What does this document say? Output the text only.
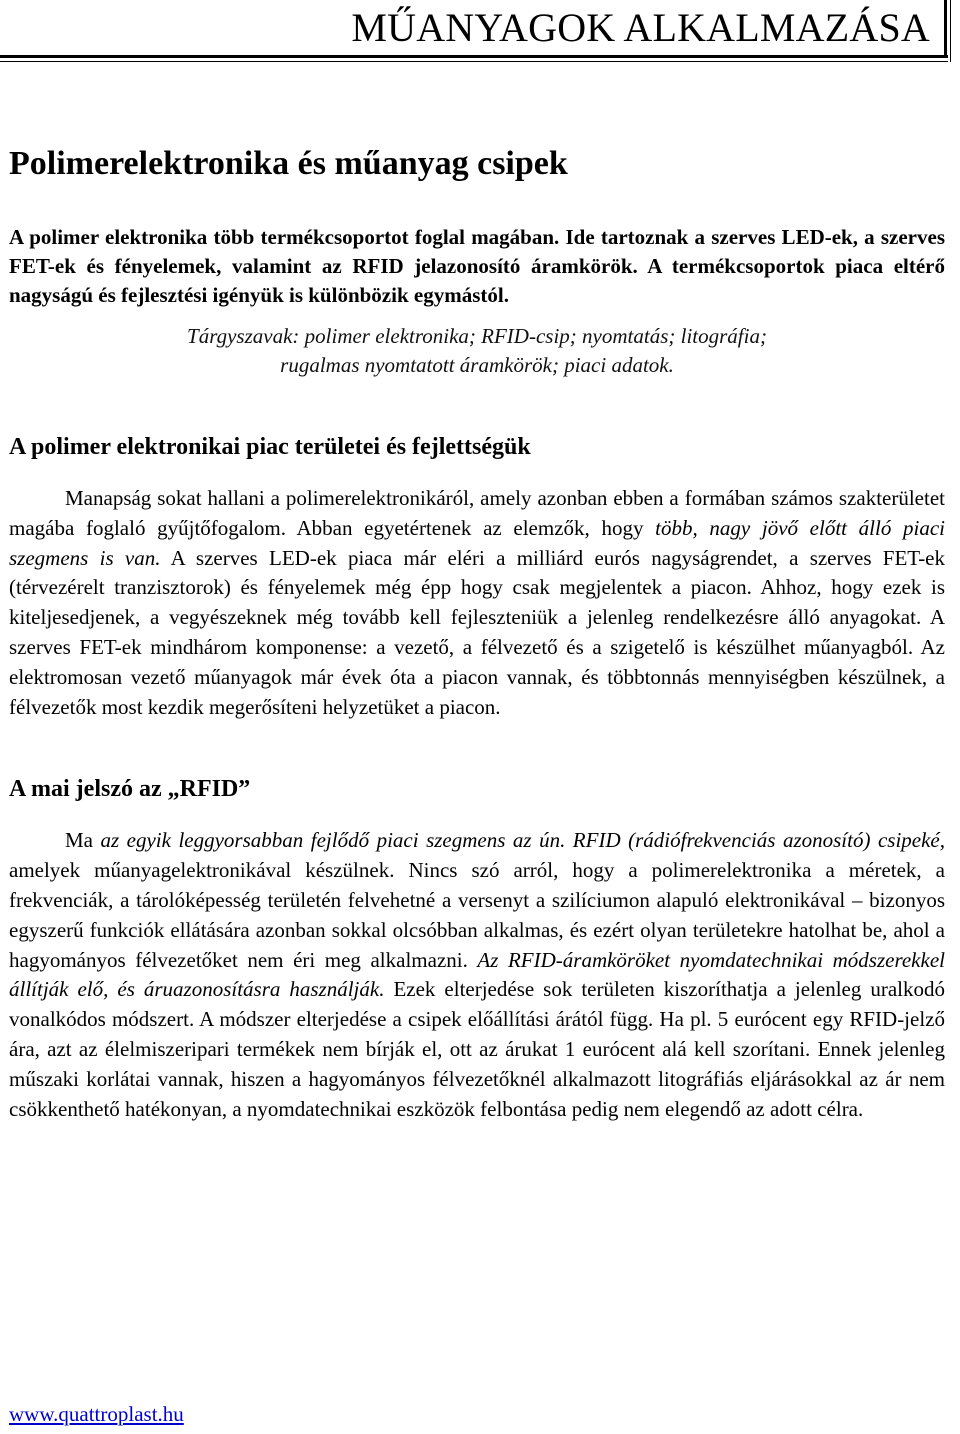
MŰANYAGOK ALKALMAZÁSA
Polimerelektronika és műanyag csipek

A polimer elektronika több termékcsoportot foglal magában. Ide tartoznak a szerves LED-ek, a szerves FET-ek és fényelemek, valamint az RFID jelazonosító áramkörök. A termékcsoportok piaca eltérő nagyságú és fejlesztési igényük is különbözik egymástól.

Tárgyszavak: polimer elektronika; RFID-csip; nyomtatás; litográfia;
rugalmas nyomtatott áramkörök; piaci adatok.

A polimer elektronikai piac területei és fejlettségük

Manapság sokat hallani a polimerelektronikáról, amely azonban ebben a formában számos szakterületet magába foglaló gyűjtőfogalom. Abban egyetértenek az elemzők, hogy több, nagy jövő előtt álló piaci szegmens is van. A szerves LED-ek piaca már eléri a milliárd eurós nagyságrendet, a szerves FET-ek (térvezérelt tranzisztorok) és fényelemek még épp hogy csak megjelentek a piacon. Ahhoz, hogy ezek is kiteljesedjenek, a vegyészeknek még tovább kell fejleszteniük a jelenleg rendelkezésre álló anyagokat. A szerves FET-ek mindhárom komponense: a vezető, a félvezető és a szigetelő is készülhet műanyagból. Az elektromosan vezető műanyagok már évek óta a piacon vannak, és többtonnás mennyiségben készülnek, a félvezetők most kezdik megerősíteni helyzetüket a piacon.

A mai jelszó az „RFID”

Ma az egyik leggyorsabban fejlődő piaci szegmens az ún. RFID (rádiófrekvenciás azonosító) csipeké, amelyek műanyagelektronikával készülnek. Nincs szó arról, hogy a polimerelektronika a méretek, a frekvenciák, a tárolóképesség területén felvehetné a versenyt a szilíciumon alapuló elektronikával – bizonyos egyszerű funkciók ellátására azonban sokkal olcsóbban alkalmas, és ezért olyan területekre hatolhat be, ahol a hagyományos félvezetőket nem éri meg alkalmazni. Az RFID-áramköröket nyomdatechnikai módszerekkel állítják elő, és áruazonosításra használják. Ezek elterjedése sok területen kiszoríthatja a jelenleg uralkodó vonalkódos módszert. A módszer elterjedése a csipek előállítási árától függ. Ha pl. 5 eurócent egy RFID-jelző ára, azt az élelmiszeripari termékek nem bírják el, ott az árukat 1 eurócent alá kell szorítani. Ennek jelenleg műszaki korlátai vannak, hiszen a hagyományos félvezetőknél alkalmazott litográfiás eljárásokkal az ár nem csökkenthető hatékonyan, a nyomdatechnikai eszközök felbontása pedig nem elegendő az adott célra.

www.quattroplast.hu
